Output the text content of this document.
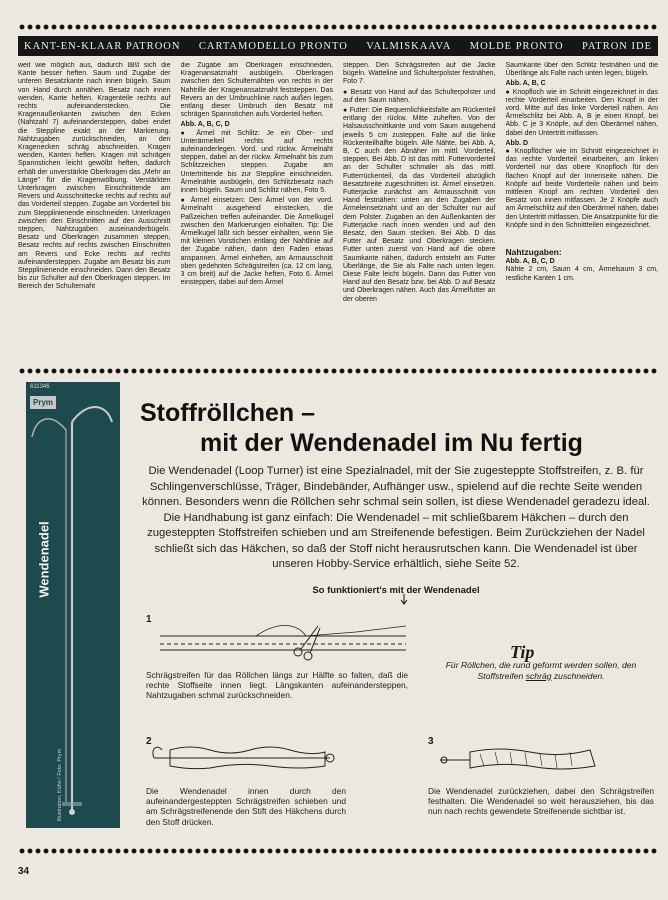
KANT-EN-KLAAR PATROON CARTAMODELLO PRONTO VALMISKAAVA MOLDE PRONTO PATRON IDE

weit wie möglich aus, dadurch läßt sich die Kante besser heften. Saum und Zugabe der unteren Besatzkante nach innen bügeln. Saum von Hand durch annähen. Besatz nach innen wenden, Kante heften. Kragenteile rechts auf rechts aufeinanderstecken. Die Kragenaußenkanten zwischen den Ecken (Nahtzahl 7) aufeinandersteppen, dabei endet die Steppline exakt an der Markierung. Nahtzugaben zurückschneiden, an den Kragenecken schräg abschneiden. Kragen wenden, Kanten heften. Kragen mit schrägen Spannstichen leicht gewölbt heften, dadurch erhält der unverstärkte Oberkragen das „Mehr an Länge" für die Kragenwölbung. Verstärkten Unterkragen zwischen Einschnittende am Revers und Ausschnittecke rechts auf rechts auf das Vorderteil steppen. Zugabe am Vorderteil bis zum Stepplinienende einschneiden. Unterkragen zwischen den Einschnitten auf den Ausschnitt steppen, Nahtzugaben auseinanderbügeln. Besatz und Oberkragen zusammen steppen, Besatz rechts auf rechts zwischen Einschnitten am Revers und Ecke rechts auf rechts aufeinandersteppen. Zugabe am Besatz bis zum Stepplinienende einschneiden. Dann den Besatz bis zur Schulter auf den Oberkragen steppen. Im Bereich der Schulternaht

die Zugabe am Oberkragen einschneiden, Kragenansatznaht ausbügeln. Oberkragen zwischen den Schulternähten von rechts in der Nahtrille der Kragenansatznaht feststeppen. Das Revers an der Umbruchlinie nach außen legen, entlang dieser Umbruch den Besatz mit schrägen Spannstichen aufs Vorderteil heften.

Abb. A, B, C, D

● Ärmel mit Schlitz: Je ein Ober- und Unterärmelteil rechts auf rechts aufeinanderlegen. Vord. und rückw. Ärmelnaht steppen, dabei an der rückw. Ärmelnaht bis zum Schlitzzeichen steppen. Zugabe am Untertrittende bis zur Steppline einschneiden. Ärmelnähte ausbügeln, den Schlitzbesatz nach innen bügeln. Saum und Schlitz nähen, Foto 5.

● Ärmel einsetzen: Den Ärmel von der vord. Ärmelnaht ausgehend einstecken, die Paßzeichen treffen aufeinander. Die Ärmelkugel zwischen den Markierungen einhalten. Tip: Die Ärmelkugel läßt sich besser einhalten, wenn Sie mit kleinen Vorstichen entlang der Nahtlinie auf der Zugabe nähen, dann den Faden etwas anspannen. Ärmel einheften, am Armausschnitt oben gedehnten Schrägstreifen (ca. 12 cm lang, 3 cm breit) auf die Jacke heften, Foto 6. Ärmel einsteppen, dabei auf dem Ärmel

steppen. Den Schrägstreifen auf die Jacke bügeln. Watteline und Schulterpolster festnähen, Foto 7.

● Besatz von Hand auf das Schulterpolster und auf den Saum nähen.

● Futter: Die Bequemlichkeitsfalte am Rückenteil entlang der rückw. Mitte zuheften. Von der Halsausschnittkante und vom Saum ausgehend jeweils 5 cm zusteppen. Falte auf die linke Rückenteilhälfte bügeln. Alle Nähte, bei Abb. A, B, C auch den Abnäher im mittl. Vorderteil, steppen. Bei Abb. D ist das mittl. Futtervorderteil an der Schulter schmaler als das mittl. Futterrückenteil, da das Vorderteil abzüglich Besatzbreite zugeschnitten ist. Ärmel einsetzen. Futterjacke zunächst am Armausschnitt von Hand festnähen: unten an den Zugaben der Ärmeleinsetznaht und an der Schulter nur auf dem Polster. Zugaben an den Außenkanten der Futterjacke nach innen wenden und auf den Besatz, den Saum stecken. Bei Abb. D das Futter auf Besatz und Oberkragen stecken. Futter unten zuerst von Hand auf die obere Saumkante nähen, dadurch entsteht am Futter Überlänge, die Sie als Falte nach unten legen. Diese Falte leicht bügeln. Dann das Futter von Hand auf den Besatz bzw. bei Abb. D auf Besatz und Oberkragen nähen. Auch das Ärmelfutter an der oberen

Saumkante über den Schlitz festnähen und die Überlänge als Falte nach unten legen, bügeln.

Abb. A, B, C

● Knopfloch wie im Schnitt eingezeichnet in das rechte Vorderteil einarbeiten. Den Knopf in der vord. Mitte auf das linke Vorderteil nähen. Am Ärmelschlitz bei Abb. A, B je einen Knopf, bei Abb. C je 3 Knöpfe, auf den Oberärmel nähen, dabei den Untertritt mitfassen.

Abb. D

● Knopflöcher wie im Schnitt eingezeichnet in das rechte Vorderteil einarbeiten, am linken Vorderteil nur das obere Knopfloch für den flachen Knopf auf der Innenseite nähen. Die Knöpfe auf beide Vorderteile nähen und beim mittleren Knopf am rechten Vorderteil den Besatz von innen mitfassen. Je 2 Knöpfe auch am Ärmelschlitz auf den Oberärmel nähen, dabei den Untertritt mitfassen. Die Ansatzpunkte für die Knöpfe sind in den Schnittteilen eingezeichnet.

Nahtzugaben:

Abb. A, B, C, D

Nähte 2 cm, Saum 4 cm, Ärmelsaum 3 cm, restliche Kanten 1 cm.

611346
Prym
Wendenadel
Illustration: Kühn / Foto: Prym
Stoffröllchen –
mit der Wendenadel im Nu fertig
Die Wendenadel (Loop Turner) ist eine Spezialnadel, mit der Sie zugesteppte Stoffstreifen, z. B. für Schlingenverschlüsse, Träger, Bindebänder, Aufhänger usw., spielend auf die rechte Seite wenden können. Besonders wenn die Röllchen sehr schmal sein sollen, ist diese Wendenadel geradezu ideal. Die Handhabung ist ganz einfach: Die Wendenadel – mit schließbarem Häkchen – durch den zugesteppten Stoffstreifen schieben und am Streifenende befestigen. Beim Zurückziehen der Nadel schließt sich das Häkchen, so daß der Stoff nicht herausrutschen kann. Die Wendenadel ist über unseren Hobby-Service erhältlich, siehe Seite 52.
So funktioniert's mit der Wendenadel
1
Schrägstreifen für das Röllchen längs zur Hälfte so falten, daß die rechte Stoffseite innen liegt. Längskanten aufeinandersteppen, Nahtzugaben schmal zurückschneiden.
Tip
Für Röllchen, die rund geformt werden sollen, den Stoffstreifen schräg zuschneiden.
2
Die Wendenadel innen durch den aufeinandergesteppten Schrägstreifen schieben und am Schrägstreifenende den Stift des Häkchens durch den Stoff drücken.
3
Die Wendenadel zurückziehen, dabei den Schrägstreifen festhalten. Die Wendenadel so weit herausziehen, bis das nun nach rechts gewendete Streifenende sichtbar ist.
34
